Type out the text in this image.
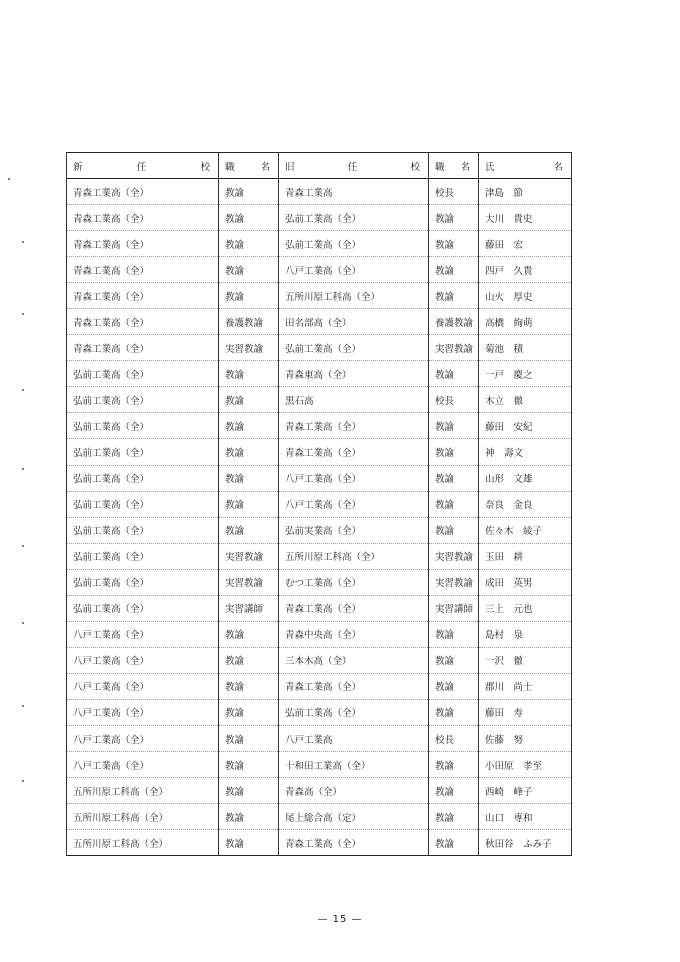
新 任 校	職 名	旧 任 校	職 名	氏 名

青森工業高（全）	教諭	青森工業高	校長	津島　節
青森工業高（全）	教諭	弘前工業高（全）	教諭	大川　貴史
青森工業高（全）	教諭	弘前工業高（全）	教諭	藤田　宏
青森工業高（全）	教諭	八戸工業高（全）	教諭	四戸　久貴
青森工業高（全）	教諭	五所川原工科高（全）	教諭	山火　厚史
青森工業高（全）	養護教諭	田名部高（全）	養護教諭	高橋　絢萌
青森工業高（全）	実習教諭	弘前工業高（全）	実習教諭	菊池　積
弘前工業高（全）	教諭	青森東高（全）	教諭	一戸　慶之
弘前工業高（全）	教諭	黒石高	校長	木立　徹
弘前工業高（全）	教諭	青森工業高（全）	教諭	藤田　安紀
弘前工業高（全）	教諭	青森工業高（全）	教諭	神　壽文
弘前工業高（全）	教諭	八戸工業高（全）	教諭	山形　文雄
弘前工業高（全）	教諭	八戸工業高（全）	教諭	奈良　金良
弘前工業高（全）	教諭	弘前実業高（全）	教諭	佐々木　綾子
弘前工業高（全）	実習教諭	五所川原工科高（全）	実習教諭	玉田　耕
弘前工業高（全）	実習教諭	むつ工業高（全）	実習教諭	成田　英男
弘前工業高（全）	実習講師	青森工業高（全）	実習講師	三上　元也
八戸工業高（全）	教諭	青森中央高（全）	教諭	島村　泉
八戸工業高（全）	教諭	三本木高（全）	教諭	一沢　徹
八戸工業高（全）	教諭	青森工業高（全）	教諭	郡川　尚士
八戸工業高（全）	教諭	弘前工業高（全）	教諭	藤田　寿
八戸工業高（全）	教諭	八戸工業高	校長	佐藤　努
八戸工業高（全）	教諭	十和田工業高（全）	教諭	小田原　孝至
五所川原工科高（全）	教諭	青森高（全）	教諭	西崎　峰子
五所川原工科高（全）	教諭	尾上総合高（定）	教諭	山口　専和
五所川原工科高（全）	教諭	青森工業高（全）	教諭	秋田谷　ふみ子
— 15 —
